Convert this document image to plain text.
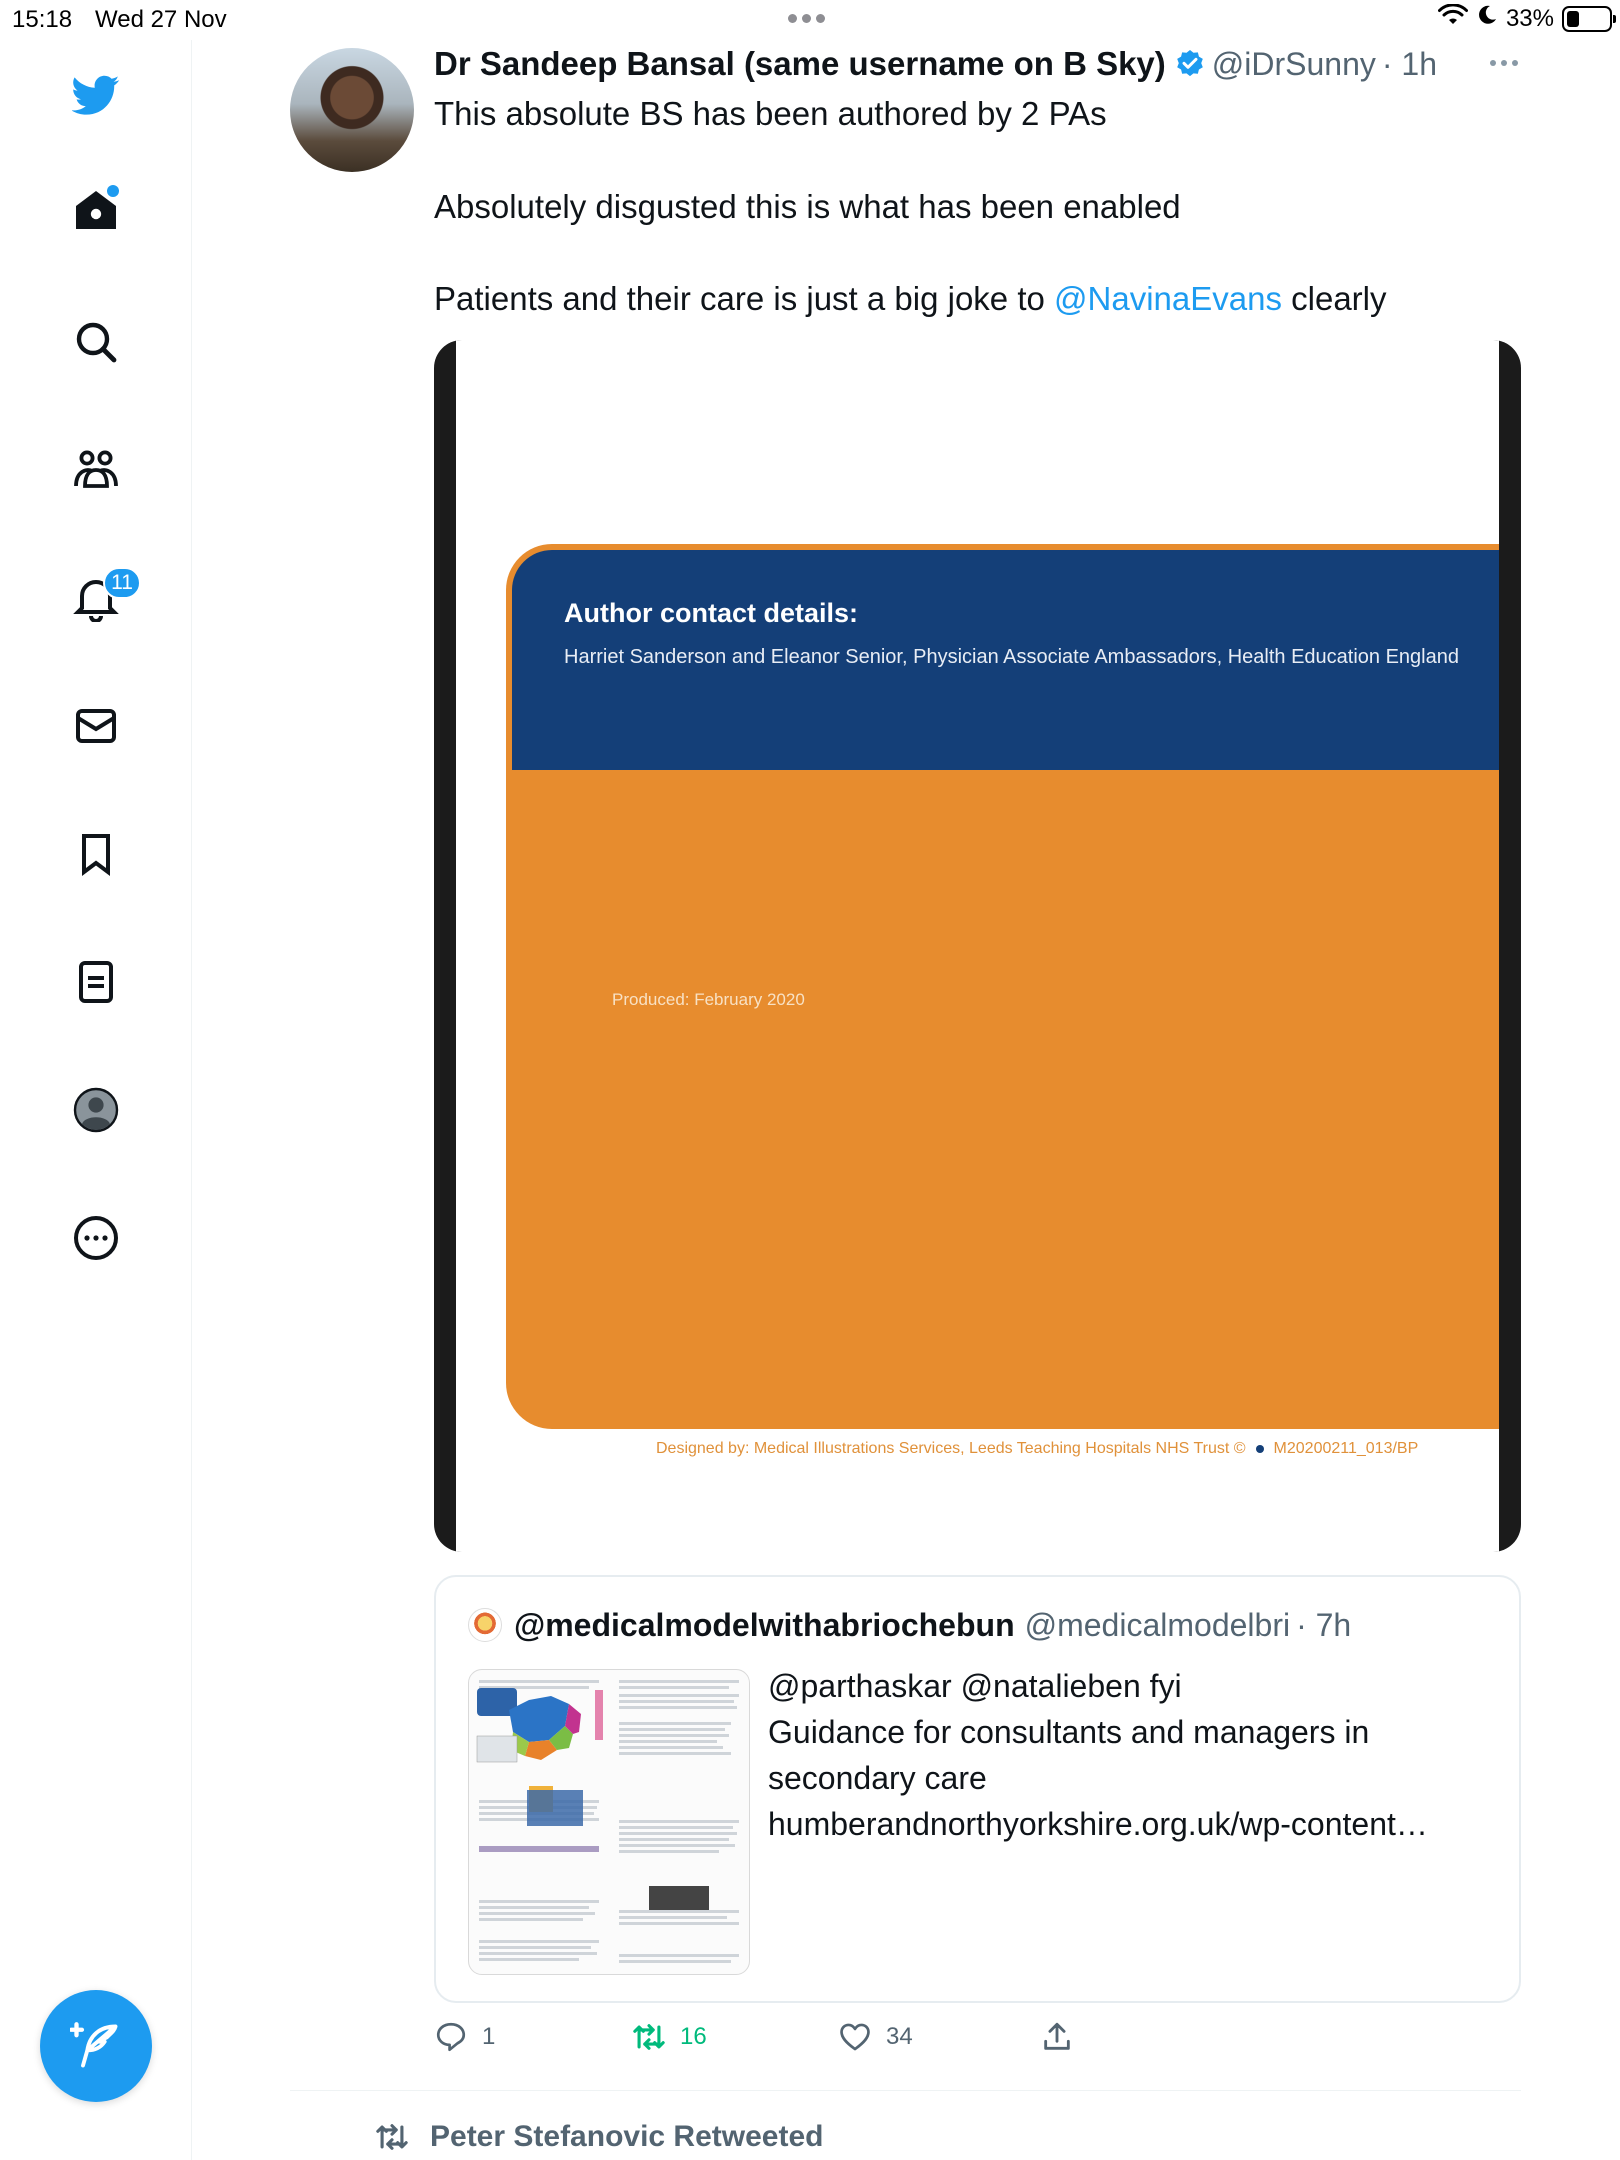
15:18 Wed 27 Nov	33%
11
Dr Sandeep Bansal (same username on B Sky) @iDrSunny · 1h
This absolute BS has been authored by 2 PAs
Absolutely disgusted this is what has been enabled
Patients and their care is just a big joke to @NavinaEvans clearly
Produced: February 2020
Author contact details:
Harriet Sanderson and Eleanor Senior, Physician Associate Ambassadors, Health Education England
Designed by: Medical Illustrations Services, Leeds Teaching Hospitals NHS Trust © M20200211_013/BP
@medicalmodelwithabriochebun @medicalmodelbri · 7h
@parthaskar @natalieben fyi
Guidance for consultants and managers in
secondary care
humberandnorthyorkshire.org.uk/wp-content…
1	16	34
Peter Stefanovic Retweeted
